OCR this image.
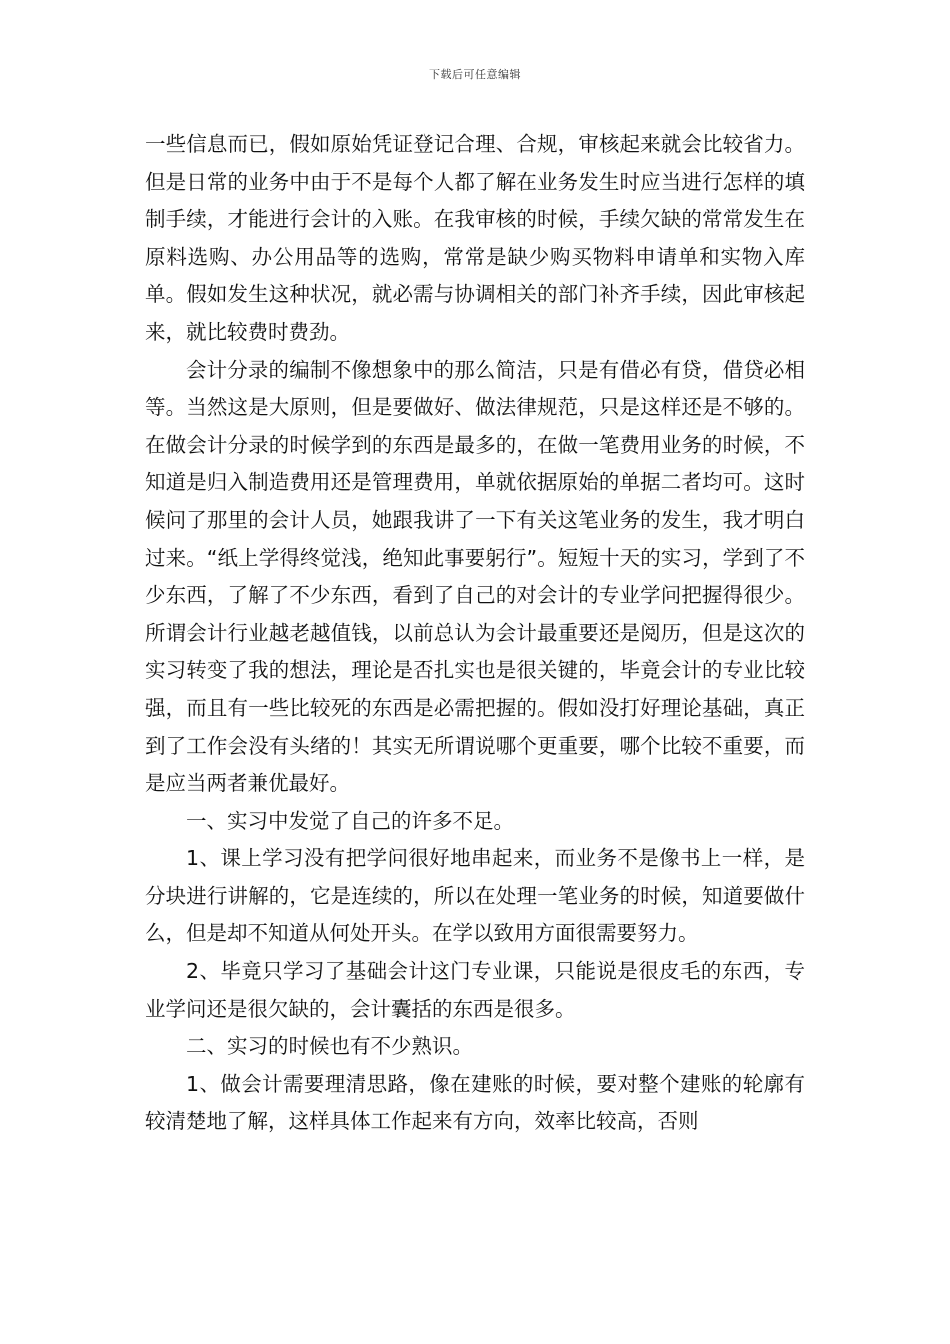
下载后可任意编辑

一些信息而已，假如原始凭证登记合理、合规，审核起来就会比较省力。但是日常的业务中由于不是每个人都了解在业务发生时应当进行怎样的填制手续，才能进行会计的入账。在我审核的时候，手续欠缺的常常发生在原料选购、办公用品等的选购，常常是缺少购买物料申请单和实物入库单。假如发生这种状况，就必需与协调相关的部门补齐手续，因此审核起来，就比较费时费劲。

会计分录的编制不像想象中的那么简洁，只是有借必有贷，借贷必相等。当然这是大原则，但是要做好、做法律规范，只是这样还是不够的。在做会计分录的时候学到的东西是最多的，在做一笔费用业务的时候，不知道是归入制造费用还是管理费用，单就依据原始的单据二者均可。这时候问了那里的会计人员，她跟我讲了一下有关这笔业务的发生，我才明白过来。“纸上学得终觉浅，绝知此事要躬行”。短短十天的实习，学到了不少东西，了解了不少东西，看到了自己的对会计的专业学问把握得很少。所谓会计行业越老越值钱，以前总认为会计最重要还是阅历，但是这次的实习转变了我的想法，理论是否扎实也是很关键的，毕竟会计的专业比较强，而且有一些比较死的东西是必需把握的。假如没打好理论基础，真正到了工作会没有头绪的！其实无所谓说哪个更重要，哪个比较不重要，而是应当两者兼优最好。

一、实习中发觉了自己的许多不足。

1、课上学习没有把学问很好地串起来，而业务不是像书上一样，是分块进行讲解的，它是连续的，所以在处理一笔业务的时候，知道要做什么，但是却不知道从何处开头。在学以致用方面很需要努力。

2、毕竟只学习了基础会计这门专业课，只能说是很皮毛的东西，专业学问还是很欠缺的，会计囊括的东西是很多。

二、实习的时候也有不少熟识。

1、做会计需要理清思路，像在建账的时候，要对整个建账的轮廓有较清楚地了解，这样具体工作起来有方向，效率比较高，否则
